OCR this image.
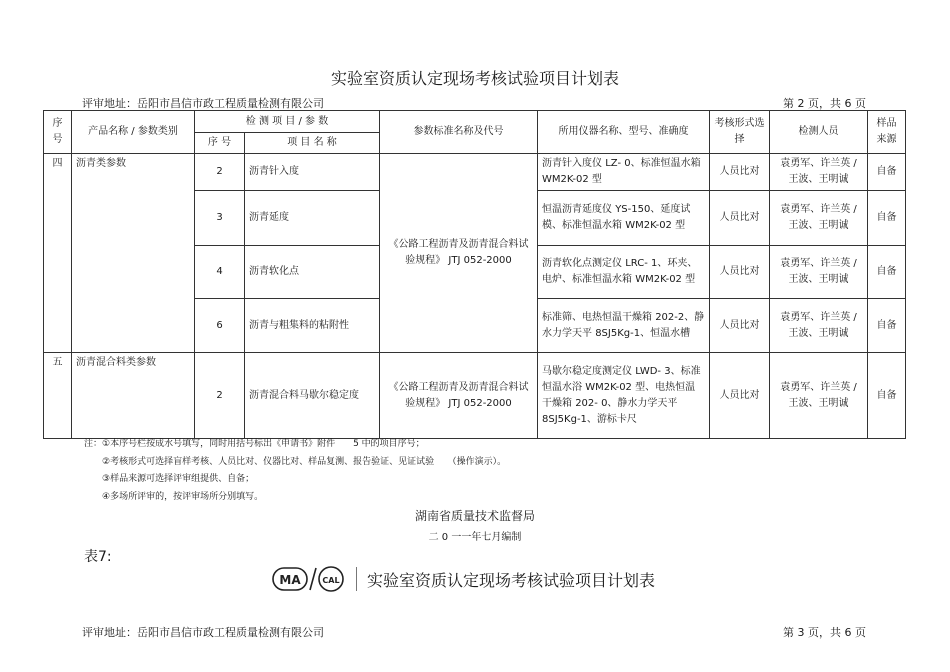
实验室资质认定现场考核试验项目计划表
评审地址：岳阳市昌信市政工程质量检测有限公司	第 2 页，共 6 页
序号	产品名称 / 参数类别	检 测 项 目 / 参 数		参数标准名称及代号	所用仪器名称、型号、准确度	考核形式选择	检测人员	样品来源
		序 号	项 目 名 称					
四	沥青类参数	2	沥青针入度	《公路工程沥青及沥青混合料试验规程》 JTJ 052-2000	沥青针入度仪 LZ- 0、标准恒温水箱 WM2K-02 型	人员比对	袁勇军、许兰英 / 王波、王明诚	自备
		3	沥青延度		恒温沥青延度仪 YS-150、延度试模、标准恒温水箱 WM2K-02 型	人员比对	袁勇军、许兰英 / 王波、王明诚	自备
		4	沥青软化点		沥青软化点测定仪 LRC- 1、环夹、电炉、标准恒温水箱 WM2K-02 型	人员比对	袁勇军、许兰英 / 王波、王明诚	自备
		6	沥青与粗集料的粘附性		标准筛、电热恒温干燥箱 202-2、静水力学天平 8SJ5Kg-1、恒温水槽	人员比对	袁勇军、许兰英 / 王波、王明诚	自备
五	沥青混合料类参数	2	沥青混合料马歇尔稳定度	《公路工程沥青及沥青混合料试验规程》 JTJ 052-2000	马歇尔稳定度测定仪 LWD- 3、标准恒温水浴 WM2K-02 型、电热恒温干燥箱 202- 0、静水力学天平 8SJ5Kg-1、游标卡尺	人员比对	袁勇军、许兰英 / 王波、王明诚	自备
注：①本序号栏按成水号填写，同时用括号标出《申请书》附件　　5 中的项目序号；
②考核形式可选择盲样考核、人员比对、仪器比对、样品复测、报告验证、见证试验　　（操作演示）。
③样品来源可选择评审组提供、自备；
④多场所评审的，按评审场所分别填写。
湖南省质量技术监督局
二 0 一一年七月编制
表7:
MA	CAL 实验室资质认定现场考核试验项目计划表
评审地址：岳阳市昌信市政工程质量检测有限公司	第 3 页，共 6 页
